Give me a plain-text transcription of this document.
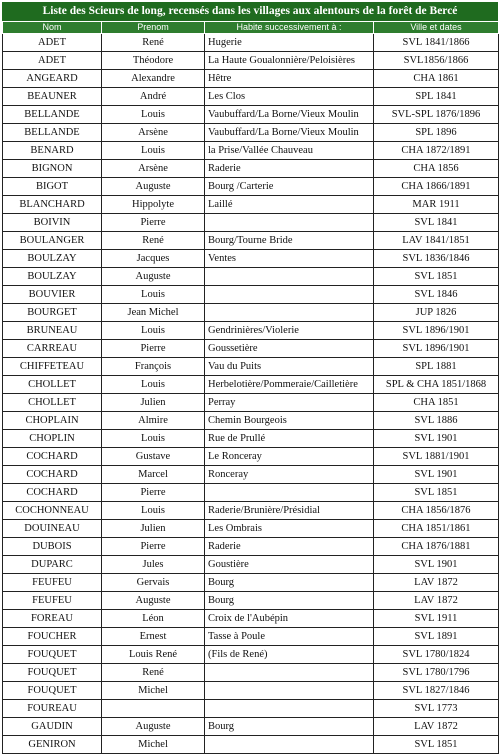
Liste des Scieurs de long, recensés dans les villages aux alentours de la forêt de Bercé
Nom	Prenom	Habite successivement à :	Ville et dates
ADET	René	Hugerie	SVL 1841/1866
ADET	Théodore	La Haute Goualonnière/Peloisières	SVL1856/1866
ANGEARD	Alexandre	Hêtre	CHA 1861
BEAUNER	André	Les Clos	SPL 1841
BELLANDE	Louis	Vaubuffard/La Borne/Vieux Moulin	SVL-SPL 1876/1896
BELLANDE	Arsène	Vaubuffard/La Borne/Vieux Moulin	SPL 1896
BENARD	Louis	la Prise/Vallée Chauveau	CHA 1872/1891
BIGNON	Arsène	Raderie	CHA 1856
BIGOT	Auguste	Bourg /Carterie	CHA 1866/1891
BLANCHARD	Hippolyte	Laillé	MAR 1911
BOIVIN	Pierre		SVL 1841
BOULANGER	René	Bourg/Tourne Bride	LAV 1841/1851
BOULZAY	Jacques	Ventes	SVL 1836/1846
BOULZAY	Auguste		SVL 1851
BOUVIER	Louis		SVL 1846
BOURGET	Jean Michel		JUP 1826
BRUNEAU	Louis	Gendrinières/Violerie	SVL 1896/1901
CARREAU	Pierre	Goussetière	SVL 1896/1901
CHIFFETEAU	François	Vau du Puits	SPL 1881
CHOLLET	Louis	Herbelotière/Pommeraie/Cailletière	SPL & CHA 1851/1868
CHOLLET	Julien	Perray	CHA 1851
CHOPLAIN	Almire	Chemin Bourgeois	SVL 1886
CHOPLIN	Louis	Rue de Prullé	SVL 1901
COCHARD	Gustave	Le Ronceray	SVL 1881/1901
COCHARD	Marcel	Ronceray	SVL 1901
COCHARD	Pierre		SVL 1851
COCHONNEAU	Louis	Raderie/Brunière/Présidial	CHA 1856/1876
DOUINEAU	Julien	Les Ombrais	CHA 1851/1861
DUBOIS	Pierre	Raderie	CHA 1876/1881
DUPARC	Jules	Goustière	SVL 1901
FEUFEU	Gervais	Bourg	LAV 1872
FEUFEU	Auguste	Bourg	LAV 1872
FOREAU	Léon	Croix de l'Aubépin	SVL 1911
FOUCHER	Ernest	Tasse à Poule	SVL 1891
FOUQUET	Louis René	(Fils de René)	SVL 1780/1824
FOUQUET	René		SVL 1780/1796
FOUQUET	Michel		SVL 1827/1846
FOUREAU			SVL 1773
GAUDIN	Auguste	Bourg	LAV 1872
GENIRON	Michel		SVL 1851
